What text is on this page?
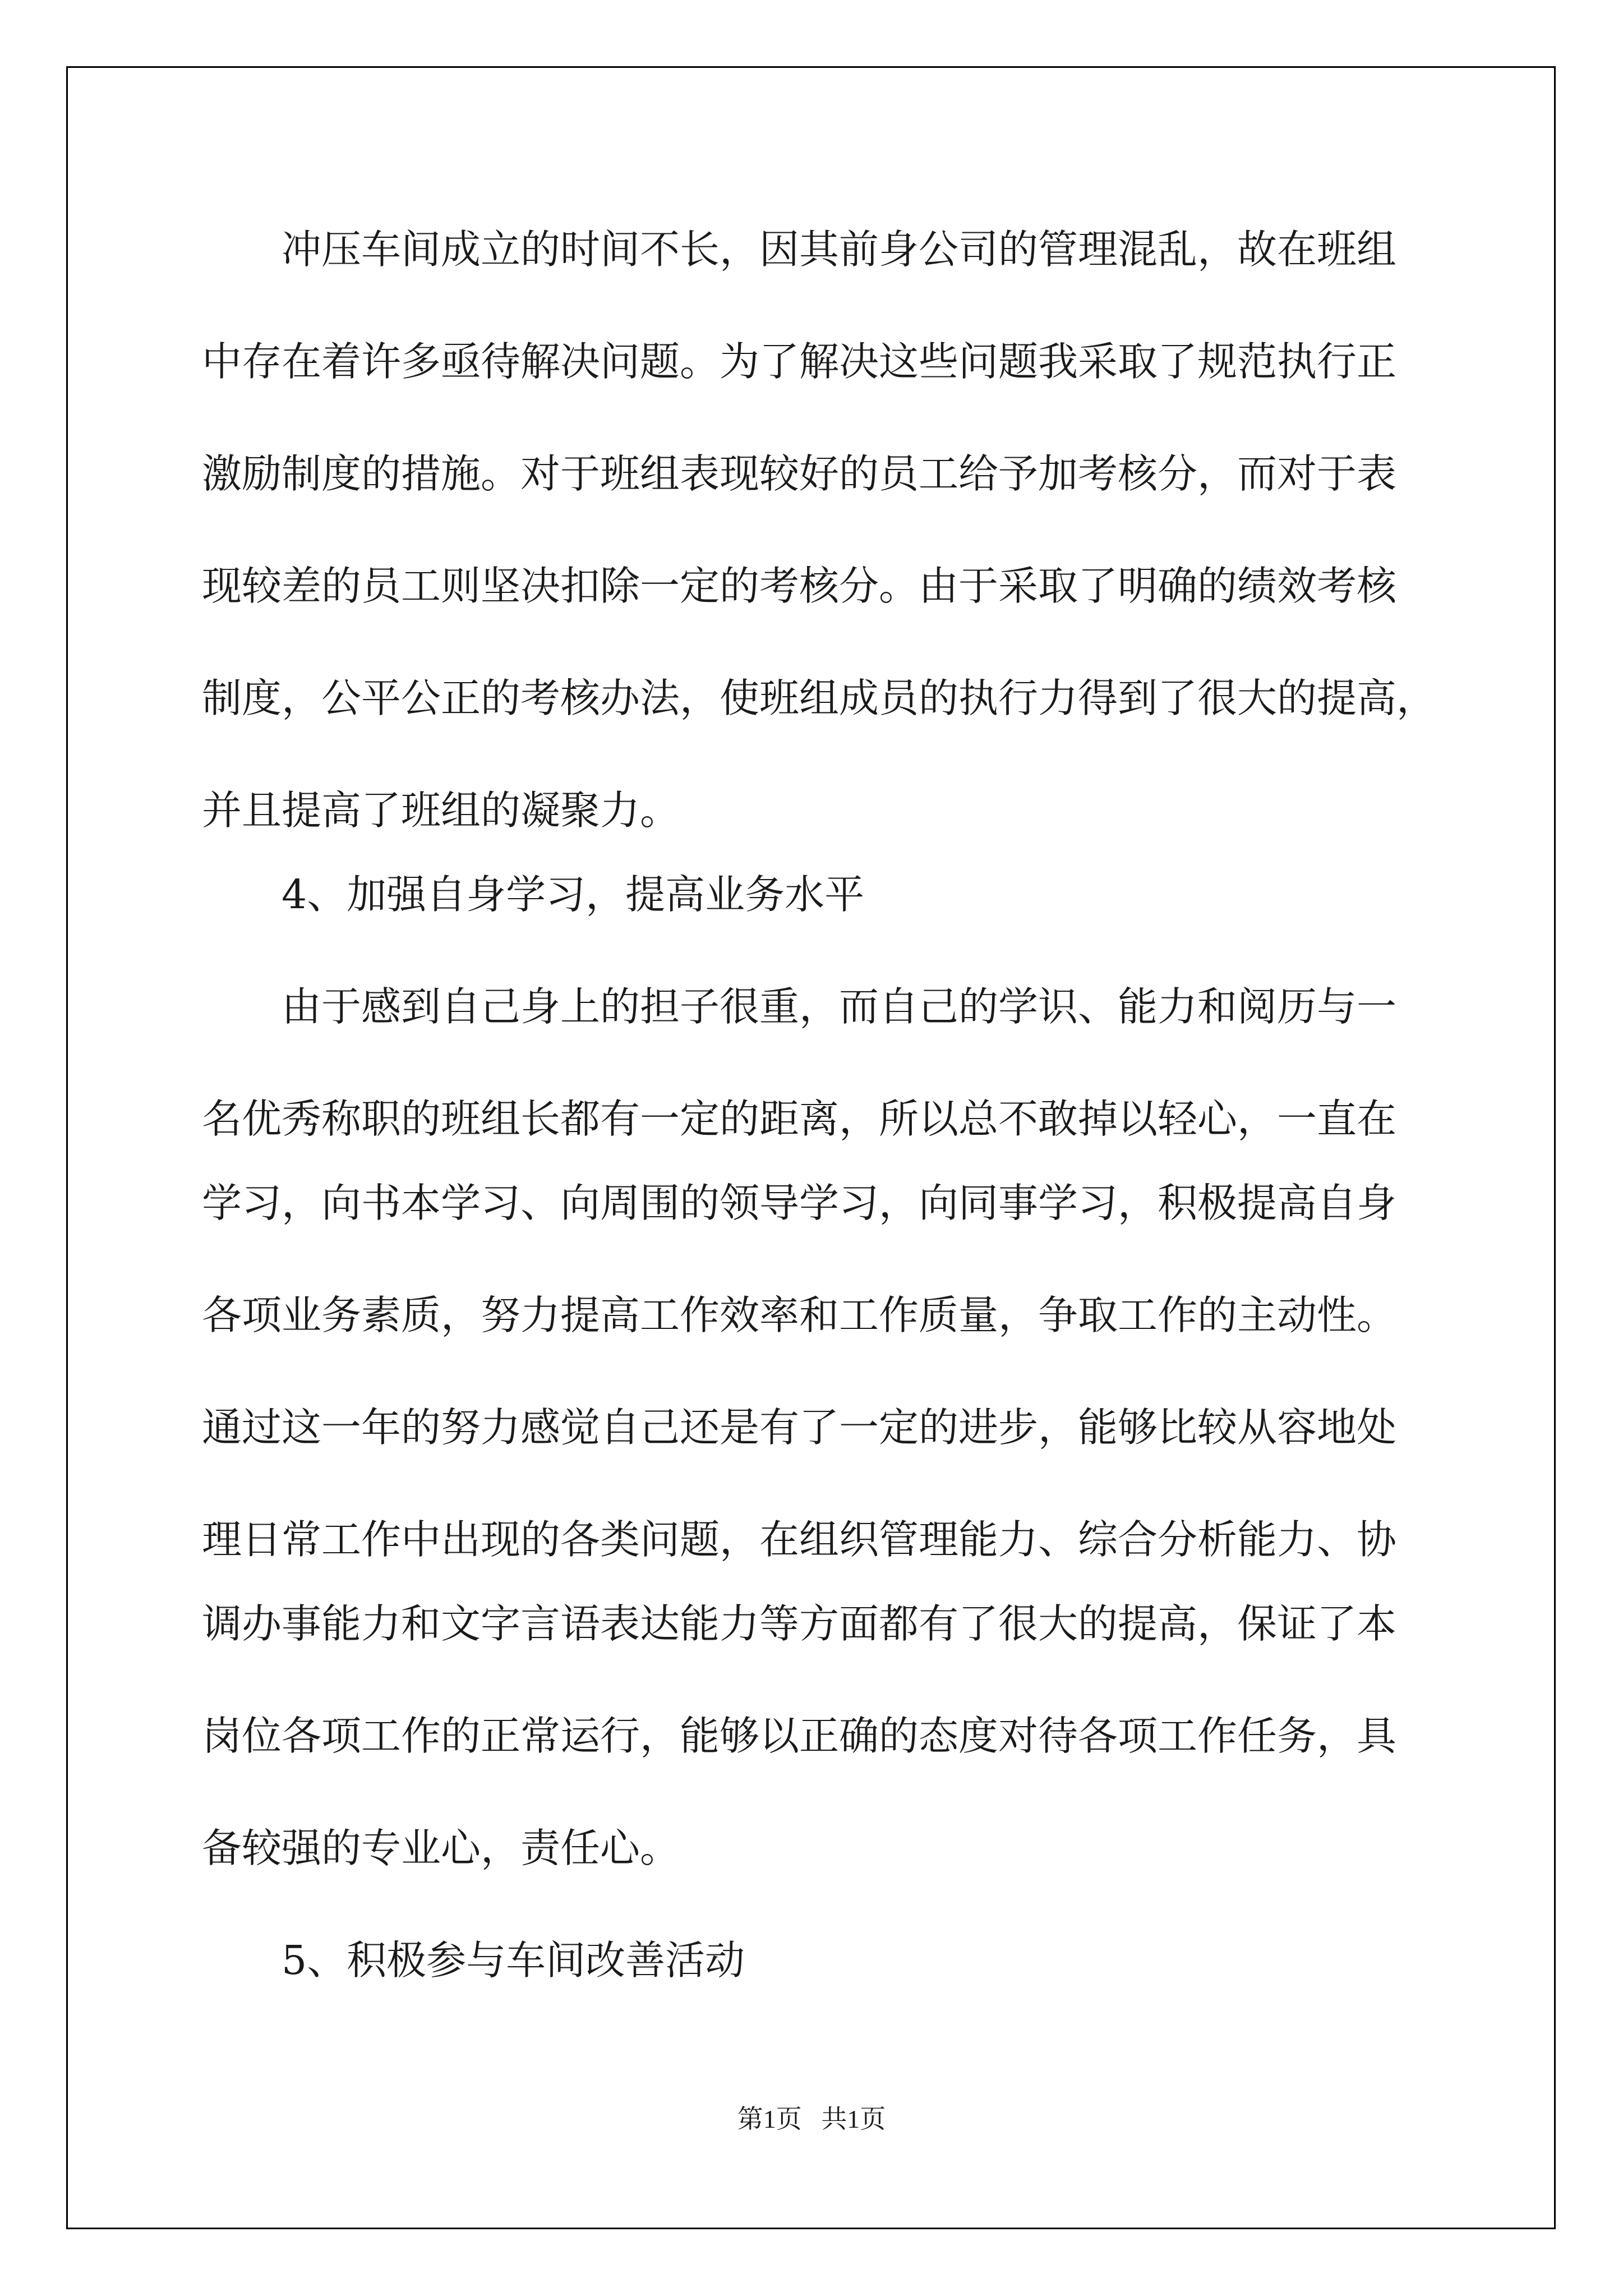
冲压车间成立的时间不长，因其前身公司的管理混乱，故在班组

中存在着许多亟待解决问题。为了解决这些问题我采取了规范执行正

激励制度的措施。对于班组表现较好的员工给予加考核分，而对于表

现较差的员工则坚决扣除一定的考核分。由于采取了明确的绩效考核

制度，公平公正的考核办法，使班组成员的执行力得到了很大的提高，

并且提高了班组的凝聚力。

4、加强自身学习，提高业务水平

由于感到自己身上的担子很重，而自己的学识、能力和阅历与一

名优秀称职的班组长都有一定的距离，所以总不敢掉以轻心，一直在

学习，向书本学习、向周围的领导学习，向同事学习，积极提高自身

各项业务素质，努力提高工作效率和工作质量，争取工作的主动性。

通过这一年的努力感觉自己还是有了一定的进步，能够比较从容地处

理日常工作中出现的各类问题，在组织管理能力、综合分析能力、协

调办事能力和文字言语表达能力等方面都有了很大的提高，保证了本

岗位各项工作的正常运行，能够以正确的态度对待各项工作任务，具

备较强的专业心，责任心。

5、积极参与车间改善活动

第1页   共1页
